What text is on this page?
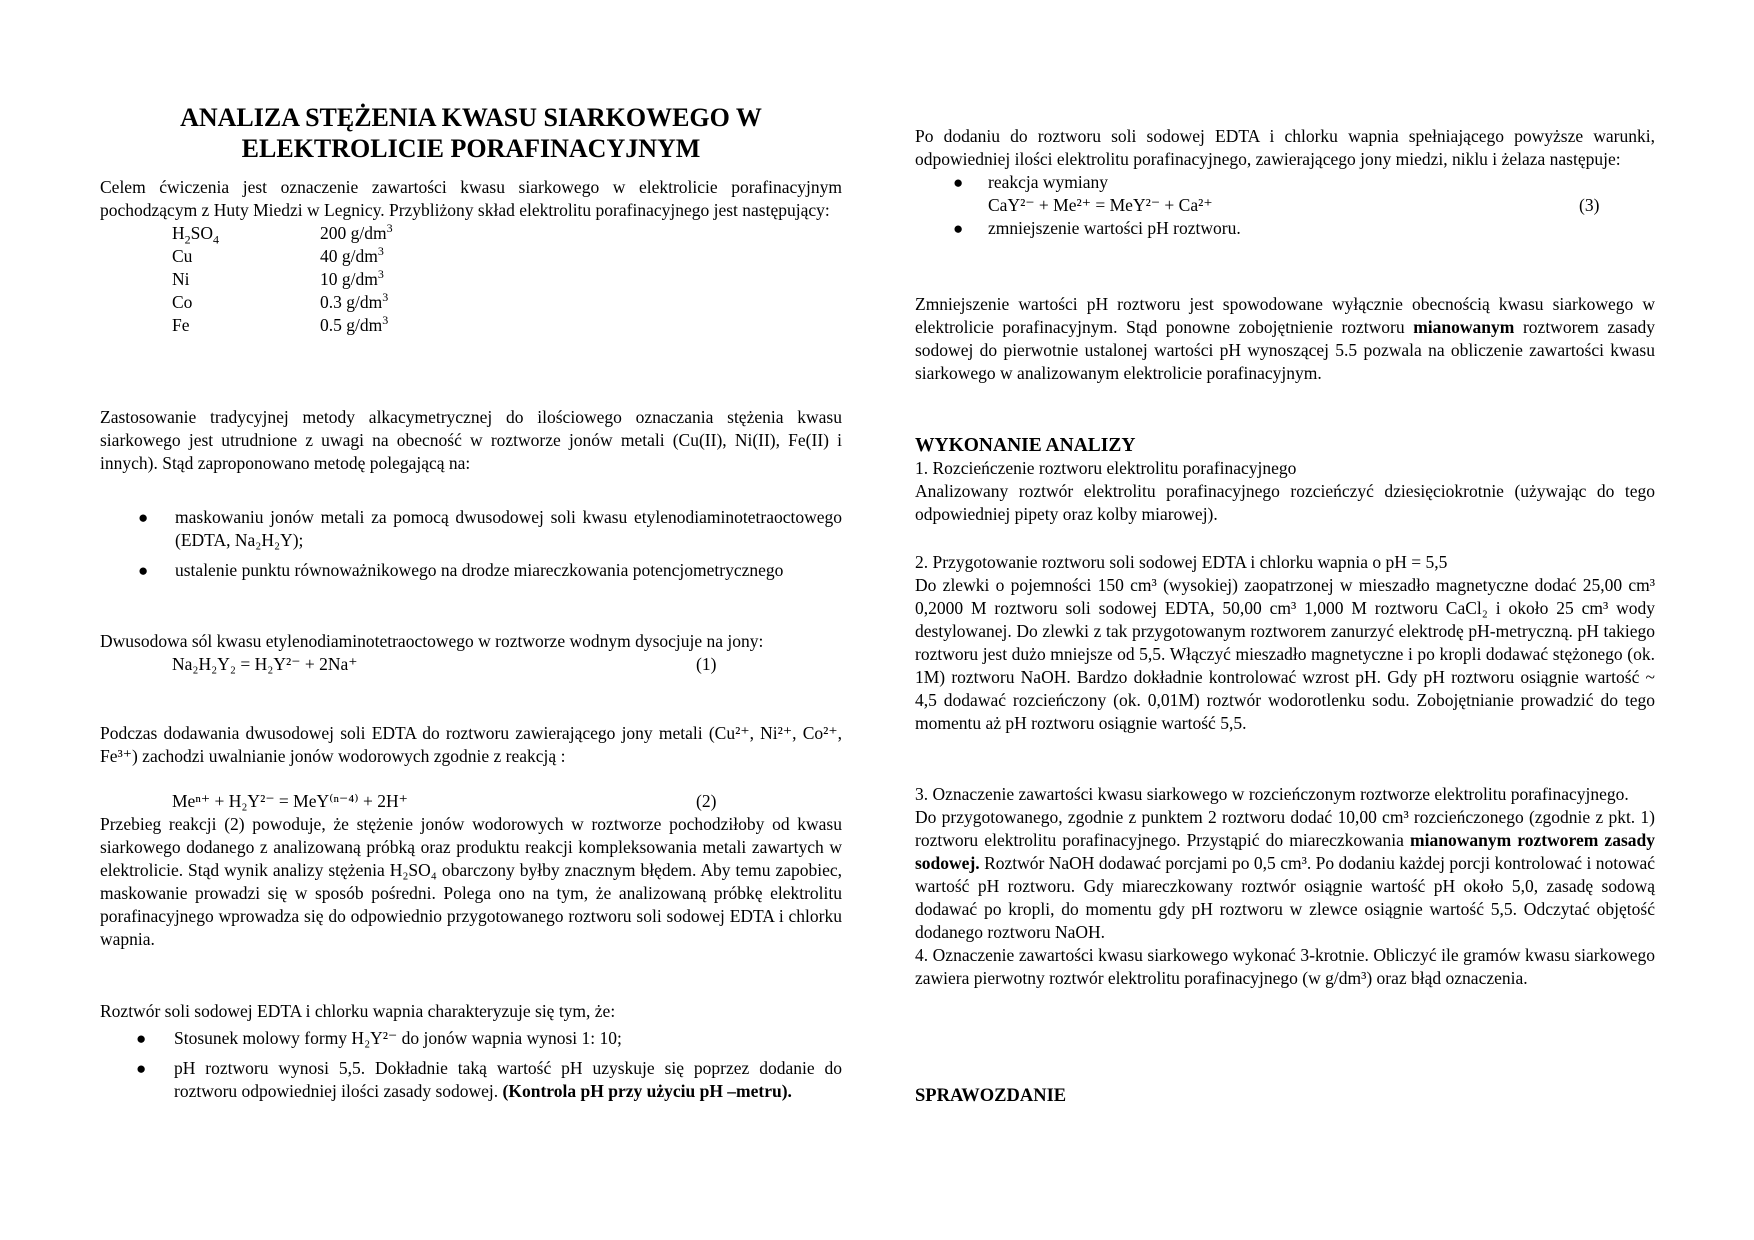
ANALIZA STĘŻENIA KWASU SIARKOWEGO W
ELEKTROLICIE PORAFINACYJNYM

Celem ćwiczenia jest oznaczenie zawartości kwasu siarkowego w elektrolicie porafinacyjnym pochodzącym z Huty Miedzi w Legnicy. Przybliżony skład elektrolitu porafinacyjnego jest następujący:

$H_2SO_4$	200 $g/dm^3$
Cu	40 $g/dm^3$
Ni	10 $g/dm^3$
Co	0.3 $g/dm^3$
Fe	0.5 $g/dm^3$

Zastosowanie tradycyjnej metody alkacymetrycznej do ilościowego oznaczania stężenia kwasu siarkowego jest utrudnione z uwagi na obecność w roztworze jonów metali (Cu(II), Ni(II), Fe(II) i innych). Stąd zaproponowano metodę polegającą na:

● maskowaniu jonów metali za pomocą dwusodowej soli kwasu etylenodiaminotetraoctowego (EDTA, Na₂H₂Y);
● ustalenie punktu równoważnikowego na drodze miareczkowania potencjometrycznego

Dwusodowa sól kwasu etylenodiaminotetraoctowego w roztworze wodnym dysocjuje na jony:

Na₂H₂Y₂ = H₂Y²⁻ + 2Na⁺	(1)

Podczas dodawania dwusodowej soli EDTA do roztworu zawierającego jony metali (Cu²⁺, Ni²⁺, Co²⁺, Fe³⁺) zachodzi uwalnianie jonów wodorowych zgodnie z reakcją :

Meⁿ⁺ + H₂Y²⁻ = MeY⁽ⁿ⁻⁴⁾ + 2H⁺	(2)

Przebieg reakcji (2) powoduje, że stężenie jonów wodorowych w roztworze pochodziłoby od kwasu siarkowego dodanego z analizowaną próbką oraz produktu reakcji kompleksowania metali zawartych w elektrolicie. Stąd wynik analizy stężenia H₂SO₄ obarczony byłby znacznym błędem. Aby temu zapobiec, maskowanie prowadzi się w sposób pośredni. Polega ono na tym, że analizowaną próbkę elektrolitu porafinacyjnego wprowadza się do odpowiednio przygotowanego roztworu soli sodowej EDTA i chlorku wapnia.

Roztwór soli sodowej EDTA i chlorku wapnia charakteryzuje się tym, że:

● Stosunek molowy formy H₂Y²⁻ do jonów wapnia wynosi 1: 10;
● pH roztworu wynosi 5,5. Dokładnie taką wartość pH uzyskuje się poprzez dodanie do roztworu odpowiedniej ilości zasady sodowej. (Kontrola pH przy użyciu pH –metru).

Po dodaniu do roztworu soli sodowej EDTA i chlorku wapnia spełniającego powyższe warunki, odpowiedniej ilości elektrolitu porafinacyjnego, zawierającego jony miedzi, niklu i żelaza następuje:

● reakcja wymiany
CaY²⁻ + Me²⁺ = MeY²⁻ + Ca²⁺	(3)
● zmniejszenie wartości pH roztworu.

Zmniejszenie wartości pH roztworu jest spowodowane wyłącznie obecnością kwasu siarkowego w elektrolicie porafinacyjnym. Stąd ponowne zobojętnienie roztworu mianowanym roztworem zasady sodowej do pierwotnie ustalonej wartości pH wynoszącej 5.5 pozwala na obliczenie zawartości kwasu siarkowego w analizowanym elektrolicie porafinacyjnym.

WYKONANIE ANALIZY

1. Rozcieńczenie roztworu elektrolitu porafinacyjnego

Analizowany roztwór elektrolitu porafinacyjnego rozcieńczyć dziesięciokrotnie (używając do tego odpowiedniej pipety oraz kolby miarowej).

2. Przygotowanie roztworu soli sodowej EDTA i chlorku wapnia o pH = 5,5

Do zlewki o pojemności 150 cm³ (wysokiej) zaopatrzonej w mieszadło magnetyczne dodać 25,00 cm³ 0,2000 M roztworu soli sodowej EDTA, 50,00 cm³ 1,000 M roztworu CaCl₂ i około 25 cm³ wody destylowanej. Do zlewki z tak przygotowanym roztworem zanurzyć elektrodę pH-metryczną. pH takiego roztworu jest dużo mniejsze od 5,5. Włączyć mieszadło magnetyczne i po kropli dodawać stężonego (ok. 1M) roztworu NaOH. Bardzo dokładnie kontrolować wzrost pH. Gdy pH roztworu osiągnie wartość ~ 4,5 dodawać rozcieńczony (ok. 0,01M) roztwór wodorotlenku sodu. Zobojętnianie prowadzić do tego momentu aż pH roztworu osiągnie wartość 5,5.

3. Oznaczenie zawartości kwasu siarkowego w rozcieńczonym roztworze elektrolitu porafinacyjnego.

Do przygotowanego, zgodnie z punktem 2 roztworu dodać 10,00 cm³ rozcieńczonego (zgodnie z pkt. 1) roztworu elektrolitu porafinacyjnego. Przystąpić do miareczkowania mianowanym roztworem zasady sodowej. Roztwór NaOH dodawać porcjami po 0,5 cm³. Po dodaniu każdej porcji kontrolować i notować wartość pH roztworu. Gdy miareczkowany roztwór osiągnie wartość pH około 5,0, zasadę sodową dodawać po kropli, do momentu gdy pH roztworu w zlewce osiągnie wartość 5,5. Odczytać objętość dodanego roztworu NaOH.

4. Oznaczenie zawartości kwasu siarkowego wykonać 3-krotnie. Obliczyć ile gramów kwasu siarkowego zawiera pierwotny roztwór elektrolitu porafinacyjnego (w g/dm³) oraz błąd oznaczenia.

SPRAWOZDANIE
